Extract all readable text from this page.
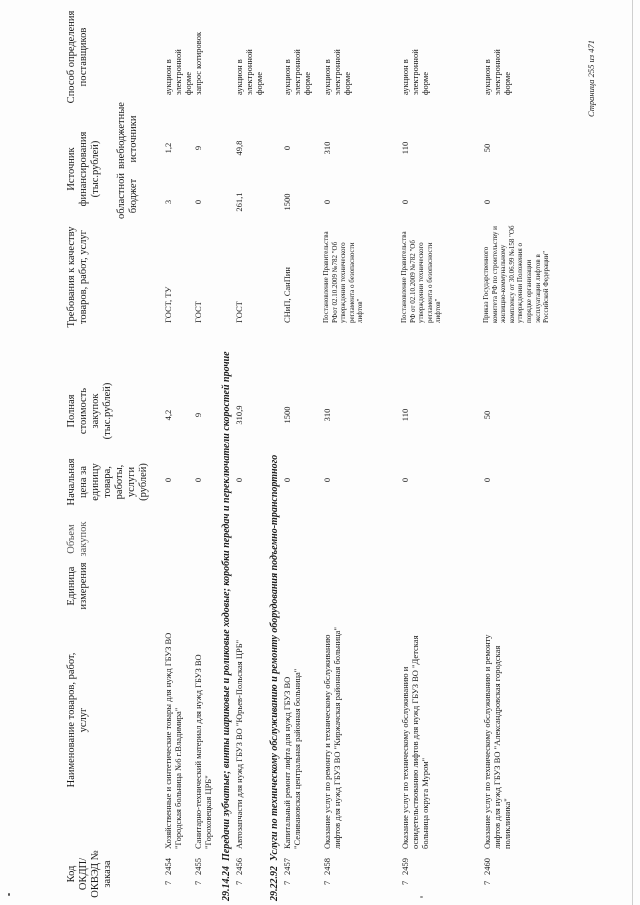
Код ОКДП/ ОКВЭД № заказа
Наименование товаров, работ, услуг
Единица измерения
Объем закупок
Начальная цена за единицу товара, работы, услуги (рублей)
Полная стоимость закупок (тыс.рублей)
Требования к качеству товаров, работ, услуг
Источник финансирования (тыс.рублей) областной бюджет
внебюджетные источники
Способ определения поставщиков
7
2454
Хозяйственные и синтетические товары для нужд ГБУЗ ВО "Городская больница №6 г.Владимира"
0
4,2
ГОСТ, ТУ
3
1,2
аукцион в электронной форме
7
2455
Санитарно-технический материал для нужд ГБУЗ ВО "Гороховецкая ЦРБ"
0
9
ГОСТ
0
9
запрос котировок
29.14.24  Передачи зубчатые; винты шариковые и роликовые ходовые; коробки передач и переключатели скоростей прочие
7
2456
Автозапчасти для нужд ГБУЗ ВО "Юрьев-Польская ЦРБ"
0
310,9
ГОСТ
261,1
49,8
аукцион в электронной форме
29.22.92  Услуги по техническому обслуживанию и ремонту оборудования подъемно-транспортного
7
2457
Капитальный ремонт лифта для нужд ГБУЗ ВО "Селивановская центральная районная больница"
0
1500
СНиП, СанПин
1500
0
аукцион в электронной форме
7
2458
Оказание услуг по ремонту и техническому обслуживанию лифтов для нужд ГБУЗ ВО "Киржачская районная больница"
0
310
Постановление Правительства РФот 02.10.2009 №782 "Об утверждении технического регламента о безопасности лифтов"
0
310
аукцион в электронной форме
7
2459
Оказание услуг по техническому обслуживанию и освидетельствованию лифтов для нужд ГБУЗ ВО "Детская больница округа Муром"
0
110
Постановление Правительства РФ от 02.10.2009 №782 "Об утверждении технического регламента о безопасности лифтов"
0
110
аукцион в электронной форме
7
2460
Оказание услуг по техническому обслуживанию и ремонту лифтов для нужд ГБУЗ ВО "Александровская городская поликлиника"
0
50
Приказ Государственного комитета РФ по строительству и жилищно-коммунальному комплексу от 30.06.99 №158 "Об утверждении Положения о порядке организации эксплуатации лифтов в Российской Федерации"
0
50
аукцион в электронной форме	Страница 255 из 471
